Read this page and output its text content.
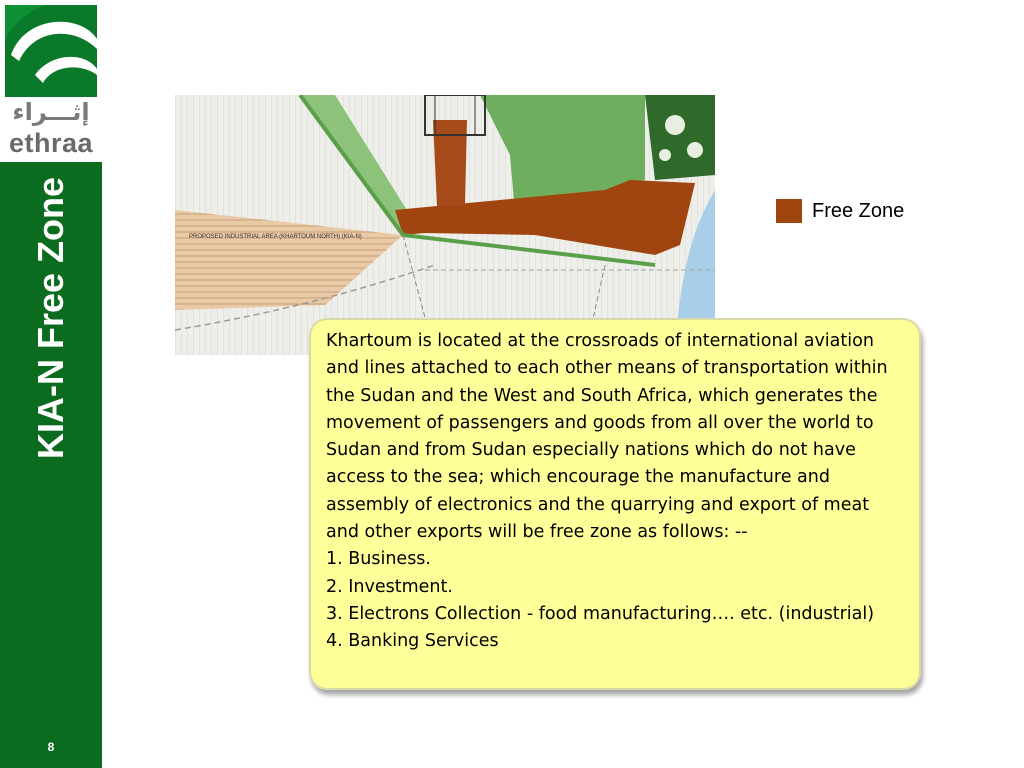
إثـــراء
ethraa
KIA-N Free Zone
8
PROPOSED INDUSTRIAL AREA (KHARTOUM NORTH) (KIA-N)
Free Zone

Khartoum is located at the crossroads of international aviation and lines attached to each other means of transportation within the Sudan and the West and South Africa, which generates the movement of passengers and goods from all over the world to Sudan and from Sudan especially nations which do not have access to the sea; which encourage the manufacture and assembly of electronics and the quarrying and export of meat and other exports will be free zone as follows: --

1. Business.

2. Investment.

3. Electrons Collection - food manufacturing…. etc. (industrial)

4. Banking Services
